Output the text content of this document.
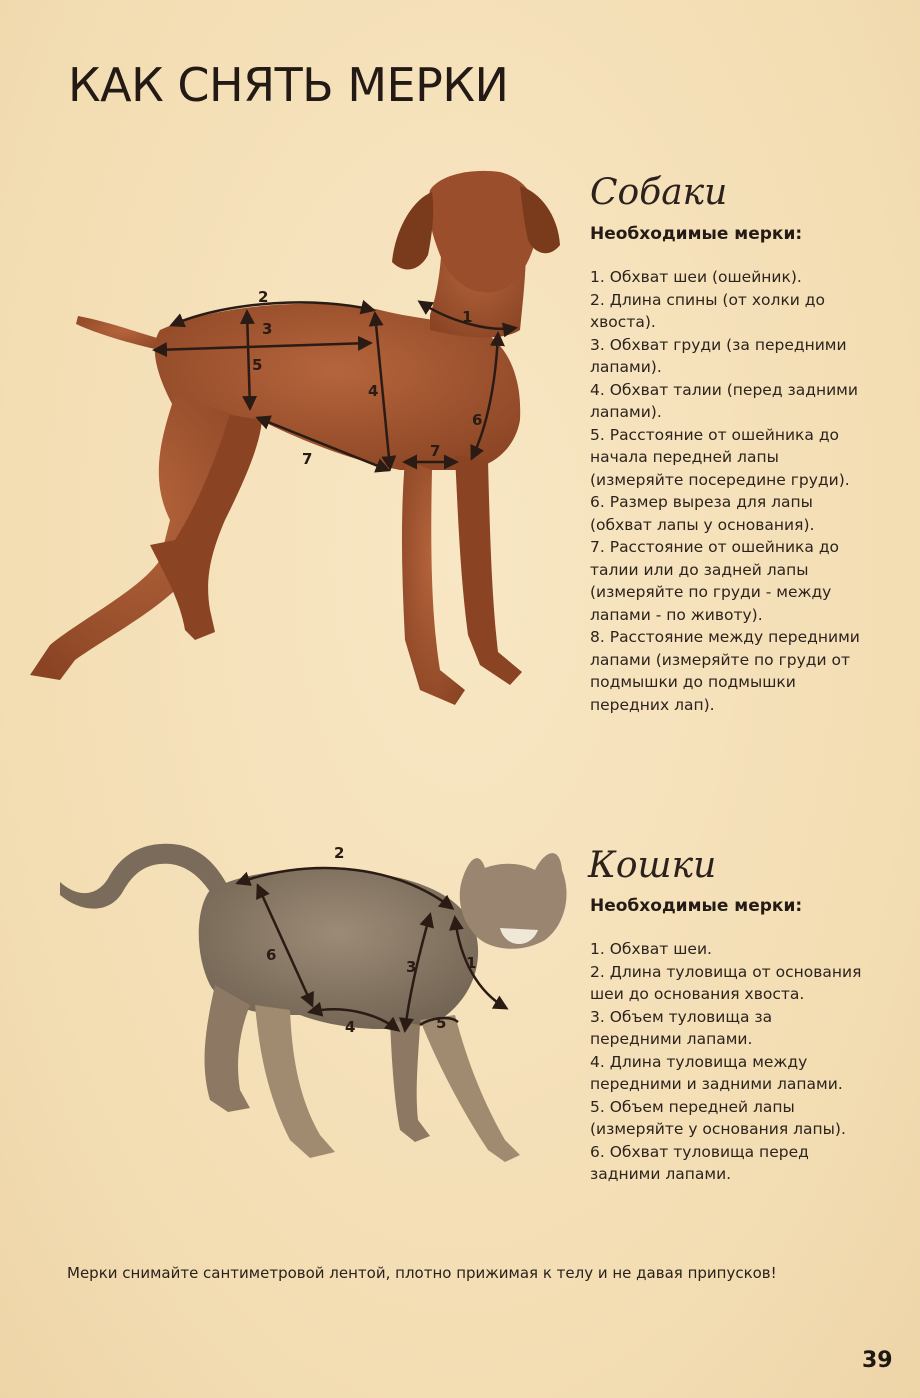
КАК СНЯТЬ МЕРКИ
2
3
5
4
1
6
7	7
2
6
4
3	1
5
Собаки
Необходимые мерки:
1. Обхват шеи (ошейник).
2. Длина спины (от холки до хвоста).
3. Обхват груди (за передними лапами).
4. Обхват талии (перед задними лапами).
5. Расстояние от ошейника до начала передней лапы (измеряйте посередине груди).
6. Размер выреза для лапы (обхват лапы у основания).
7. Расстояние от ошейника до талии или до задней лапы (измеряйте по груди - между лапами - по животу).
8. Расстояние между передними лапами (измеряйте по груди от подмышки до подмышки передних лап).
Кошки
Необходимые мерки:
1. Обхват шеи.
2. Длина туловища от основания шеи до основания хвоста.
3. Объем туловища за передними лапами.
4. Длина туловища между передними и задними лапами.
5. Объем передней лапы (измеряйте у основания лапы).
6. Обхват туловища перед задними лапами.
Мерки снимайте сантиметровой лентой, плотно прижимая к телу и не давая припусков!
39
